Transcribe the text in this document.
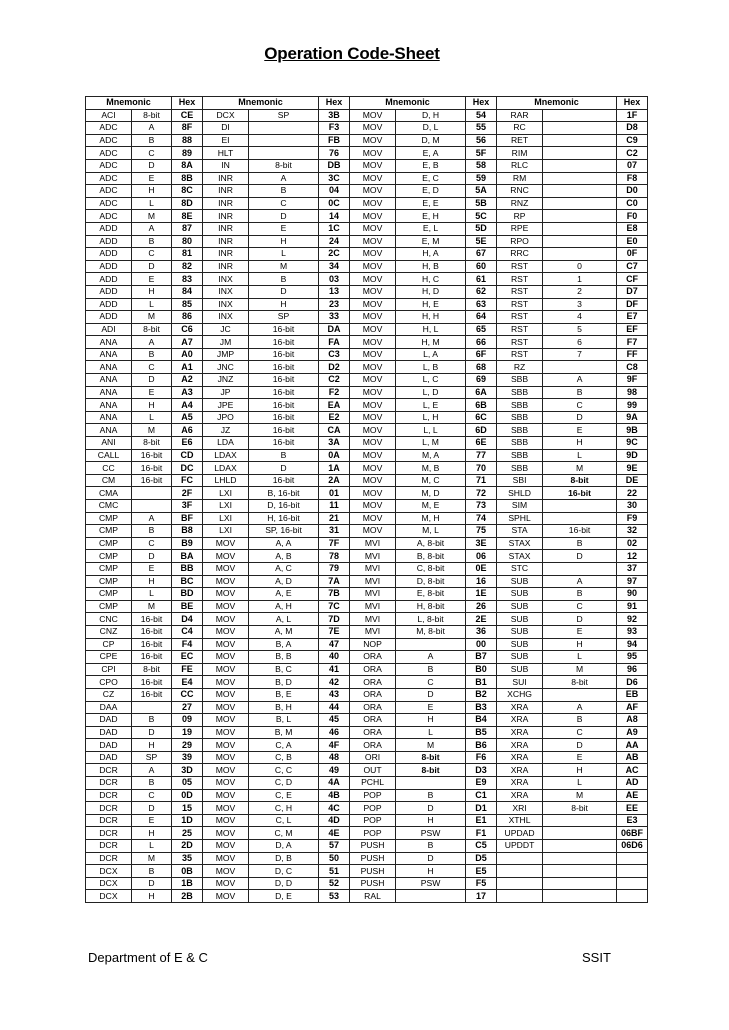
Operation Code-Sheet
Mnemonic		Hex	Mnemonic		Hex	Mnemonic		Hex	Mnemonic		Hex
ACI	8-bit	CE	DCX	SP	3B	MOV	D, H	54	RAR		1F
ADC	A	8F	DI		F3	MOV	D, L	55	RC		D8
ADC	B	88	EI		FB	MOV	D, M	56	RET		C9
ADC	C	89	HLT		76	MOV	E, A	5F	RIM		C2
ADC	D	8A	IN	8-bit	DB	MOV	E, B	58	RLC		07
ADC	E	8B	INR	A	3C	MOV	E, C	59	RM		F8
ADC	H	8C	INR	B	04	MOV	E, D	5A	RNC		D0
ADC	L	8D	INR	C	0C	MOV	E, E	5B	RNZ		C0
ADC	M	8E	INR	D	14	MOV	E, H	5C	RP		F0
ADD	A	87	INR	E	1C	MOV	E, L	5D	RPE		E8
ADD	B	80	INR	H	24	MOV	E, M	5E	RPO		E0
ADD	C	81	INR	L	2C	MOV	H, A	67	RRC		0F
ADD	D	82	INR	M	34	MOV	H, B	60	RST	0	C7
ADD	E	83	INX	B	03	MOV	H, C	61	RST	1	CF
ADD	H	84	INX	D	13	MOV	H, D	62	RST	2	D7
ADD	L	85	INX	H	23	MOV	H, E	63	RST	3	DF
ADD	M	86	INX	SP	33	MOV	H, H	64	RST	4	E7
ADI	8-bit	C6	JC	16-bit	DA	MOV	H, L	65	RST	5	EF
ANA	A	A7	JM	16-bit	FA	MOV	H, M	66	RST	6	F7
ANA	B	A0	JMP	16-bit	C3	MOV	L, A	6F	RST	7	FF
ANA	C	A1	JNC	16-bit	D2	MOV	L, B	68	RZ		C8
ANA	D	A2	JNZ	16-bit	C2	MOV	L, C	69	SBB	A	9F
ANA	E	A3	JP	16-bit	F2	MOV	L, D	6A	SBB	B	98
ANA	H	A4	JPE	16-bit	EA	MOV	L, E	6B	SBB	C	99
ANA	L	A5	JPO	16-bit	E2	MOV	L, H	6C	SBB	D	9A
ANA	M	A6	JZ	16-bit	CA	MOV	L, L	6D	SBB	E	9B
ANI	8-bit	E6	LDA	16-bit	3A	MOV	L, M	6E	SBB	H	9C
CALL	16-bit	CD	LDAX	B	0A	MOV	M, A	77	SBB	L	9D
CC	16-bit	DC	LDAX	D	1A	MOV	M, B	70	SBB	M	9E
CM	16-bit	FC	LHLD	16-bit	2A	MOV	M, C	71	SBI	8-bit	DE
CMA		2F	LXI	B, 16-bit	01	MOV	M, D	72	SHLD	16-bit	22
CMC		3F	LXI	D, 16-bit	11	MOV	M, E	73	SIM		30
CMP	A	BF	LXI	H, 16-bit	21	MOV	M, H	74	SPHL		F9
CMP	B	B8	LXI	SP, 16-bit	31	MOV	M, L	75	STA	16-bit	32
CMP	C	B9	MOV	A, A	7F	MVI	A, 8-bit	3E	STAX	B	02
CMP	D	BA	MOV	A, B	78	MVI	B, 8-bit	06	STAX	D	12
CMP	E	BB	MOV	A, C	79	MVI	C, 8-bit	0E	STC		37
CMP	H	BC	MOV	A, D	7A	MVI	D, 8-bit	16	SUB	A	97
CMP	L	BD	MOV	A, E	7B	MVI	E, 8-bit	1E	SUB	B	90
CMP	M	BE	MOV	A, H	7C	MVI	H, 8-bit	26	SUB	C	91
CNC	16-bit	D4	MOV	A, L	7D	MVI	L, 8-bit	2E	SUB	D	92
CNZ	16-bit	C4	MOV	A, M	7E	MVI	M, 8-bit	36	SUB	E	93
CP	16-bit	F4	MOV	B, A	47	NOP		00	SUB	H	94
CPE	16-bit	EC	MOV	B, B	40	ORA	A	B7	SUB	L	95
CPI	8-bit	FE	MOV	B, C	41	ORA	B	B0	SUB	M	96
CPO	16-bit	E4	MOV	B, D	42	ORA	C	B1	SUI	8-bit	D6
CZ	16-bit	CC	MOV	B, E	43	ORA	D	B2	XCHG		EB
DAA		27	MOV	B, H	44	ORA	E	B3	XRA	A	AF
DAD	B	09	MOV	B, L	45	ORA	H	B4	XRA	B	A8
DAD	D	19	MOV	B, M	46	ORA	L	B5	XRA	C	A9
DAD	H	29	MOV	C, A	4F	ORA	M	B6	XRA	D	AA
DAD	SP	39	MOV	C, B	48	ORI	8-bit	F6	XRA	E	AB
DCR	A	3D	MOV	C, C	49	OUT	8-bit	D3	XRA	H	AC
DCR	B	05	MOV	C, D	4A	PCHL		E9	XRA	L	AD
DCR	C	0D	MOV	C, E	4B	POP	B	C1	XRA	M	AE
DCR	D	15	MOV	C, H	4C	POP	D	D1	XRI	8-bit	EE
DCR	E	1D	MOV	C, L	4D	POP	H	E1	XTHL		E3
DCR	H	25	MOV	C, M	4E	POP	PSW	F1	UPDAD		06BF
DCR	L	2D	MOV	D, A	57	PUSH	B	C5	UPDDT		06D6
DCR	M	35	MOV	D, B	50	PUSH	D	D5			
DCX	B	0B	MOV	D, C	51	PUSH	H	E5			
DCX	D	1B	MOV	D, D	52	PUSH	PSW	F5			
DCX	H	2B	MOV	D, E	53	RAL		17			
Department of E & C	SSIT
